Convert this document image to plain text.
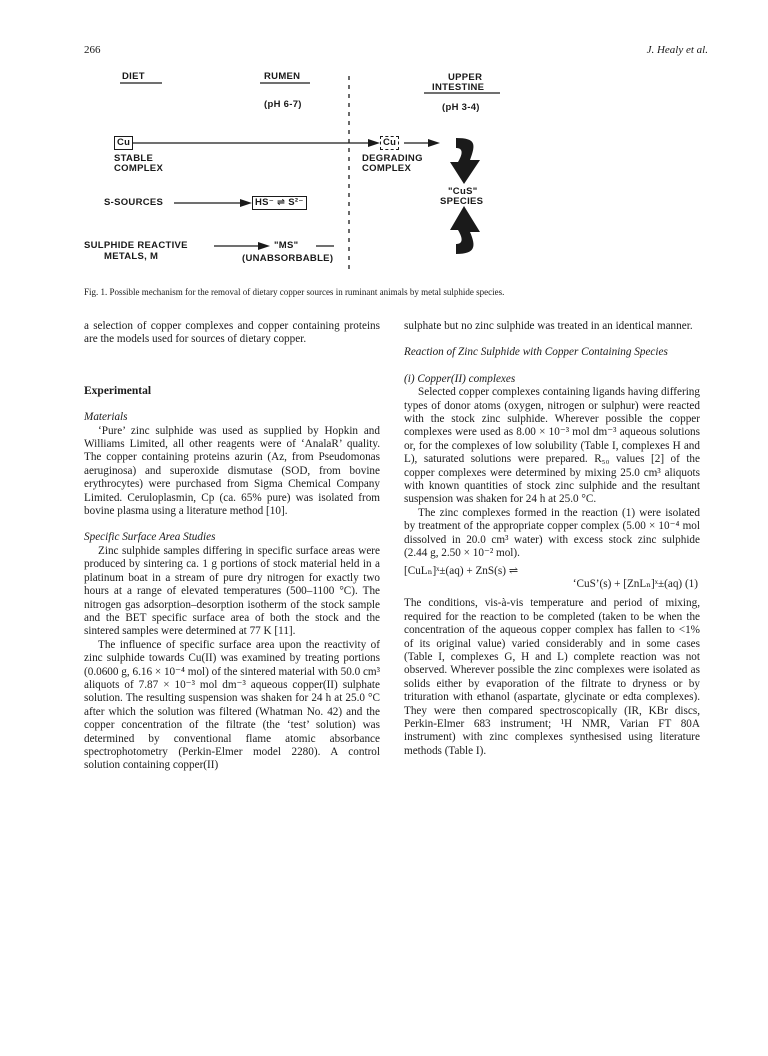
266	J. Healy et al.
DIET	RUMEN
(pH 6-7)
UPPER
INTESTINE
(pH 3-4)
Cu
STABLE
COMPLEX
Cu
DEGRADING
COMPLEX
"CuS"
SPECIES
S-SOURCES	HS⁻ ⇌ S²⁻
SULPHIDE REACTIVE
METALS, M
"MS"
(UNABSORBABLE)
Fig. 1. Possible mechanism for the removal of dietary copper sources in ruminant animals by metal sulphide species.

a selection of copper complexes and copper containing proteins are the models used for sources of dietary copper.

Experimental

Materials

‘Pure’ zinc sulphide was used as supplied by Hopkin and Williams Limited, all other reagents were of ‘AnalaR’ quality. The copper containing proteins azurin (Az, from Pseudomonas aeruginosa) and superoxide dismutase (SOD, from bovine erythrocytes) were purchased from Sigma Chemical Company Limited. Ceruloplasmin, Cp (ca. 65% pure) was isolated from bovine plasma using a literature method [10].

Specific Surface Area Studies

Zinc sulphide samples differing in specific surface areas were produced by sintering ca. 1 g portions of stock material held in a platinum boat in a stream of pure dry nitrogen for exactly two hours at a range of elevated temperatures (500–1100 °C). The nitrogen gas adsorption–desorption isotherm of the stock sample and the BET specific surface area of both the stock and the sintered samples were determined at 77 K [11].

The influence of specific surface area upon the reactivity of zinc sulphide towards Cu(II) was examined by treating portions (0.0600 g, 6.16 × 10⁻⁴ mol) of the sintered material with 50.0 cm³ aliquots of 7.87 × 10⁻³ mol dm⁻³ aqueous copper(II) sulphate solution. The resulting suspension was shaken for 24 h at 25.0 °C after which the solution was filtered (Whatman No. 42) and the copper concentration of the filtrate (the ‘test’ solution) was determined by conventional flame atomic absorbance spectrophotometry (Perkin-Elmer model 2280). A control solution containing copper(II)

sulphate but no zinc sulphide was treated in an identical manner.

Reaction of Zinc Sulphide with Copper Containing Species

(i) Copper(II) complexes

Selected copper complexes containing ligands having differing types of donor atoms (oxygen, nitrogen or sulphur) were reacted with the stock zinc sulphide. Wherever possible the copper complexes were used as 8.00 × 10⁻³ mol dm⁻³ aqueous solutions or, for the complexes of low solubility (Table I, complexes H and L), saturated solutions were prepared. R₅₀ values [2] of the copper complexes were determined by mixing 25.0 cm³ aliquots with known quantities of stock zinc sulphide and the resultant suspension was shaken for 24 h at 25.0 °C.

The zinc complexes formed in the reaction (1) were isolated by treatment of the appropriate copper complex (5.00 × 10⁻⁴ mol dissolved in 20.0 cm³ water) with excess stock zinc sulphide (2.44 g, 2.50 × 10⁻² mol).

[CuLₙ]ˣ±(aq) + ZnS(s) ⇌

‘CuS’(s) + [ZnLₙ]ˣ±(aq) (1)

The conditions, vis-à-vis temperature and period of mixing, required for the reaction to be completed (taken to be when the concentration of the aqueous copper complex has fallen to <1% of its original value) varied considerably and in some cases (Table I, complexes G, H and L) complete reaction was not observed. Wherever possible the zinc complexes were isolated as solids either by evaporation of the filtrate to dryness or by trituration with ethanol (aspartate, glycinate or edta complexes). They were then compared spectroscopically (IR, KBr discs, Perkin-Elmer 683 instrument; ¹H NMR, Varian FT 80A instrument) with zinc complexes synthesised using literature methods (Table I).
